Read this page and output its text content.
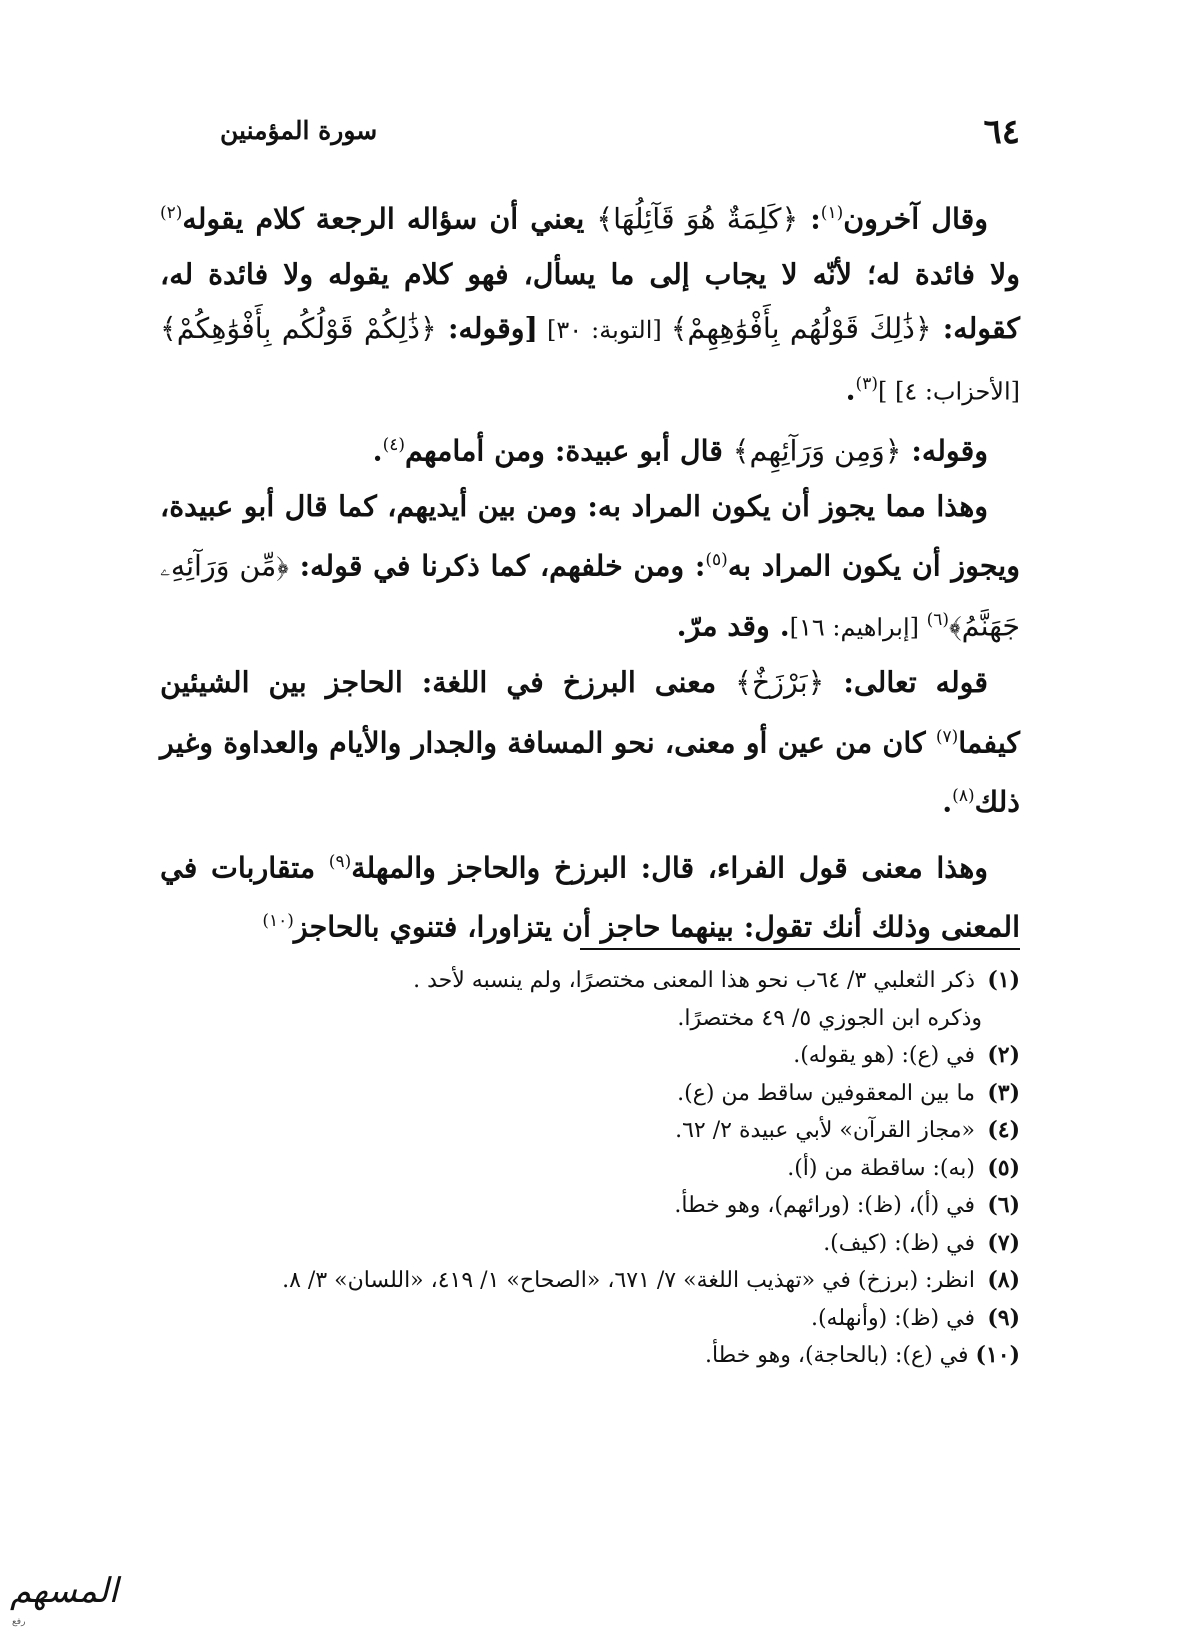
٦٤
سورة المؤمنين

وقال آخرون$^{(١)}$: ﴿كَلِمَةٌ هُوَ قَآئِلُهَا﴾ يعني أن سؤاله الرجعة كلام يقوله$^{(٢)}$ ولا فائدة له؛ لأنّه لا يجاب إلى ما يسأل، فهو كلام يقوله ولا فائدة له، كقوله: ﴿ذَٰلِكَ قَوْلُهُم بِأَفْوَٰهِهِمْ﴾ [التوبة: ٣٠] [وقوله: ﴿ذَٰلِكُمْ قَوْلُكُم بِأَفْوَٰهِكُمْ﴾ [الأحزاب: ٤] ]$^{(٣)}$.

وقوله: ﴿وَمِن وَرَآئِهِم﴾ قال أبو عبيدة: ومن أمامهم$^{(٤)}$.

وهذا مما يجوز أن يكون المراد به: ومن بين أيديهم، كما قال أبو عبيدة، ويجوز أن يكون المراد به$^{(٥)}$: ومن خلفهم، كما ذكرنا في قوله: ﴿مِّن وَرَآئِهِۦ جَهَنَّمُ﴾$^{(٦)}$ [إبراهيم: ١٦]. وقد مرّ.

قوله تعالى: ﴿بَرْزَخٌ﴾ معنى البرزخ في اللغة: الحاجز بين الشيئين كيفما$^{(٧)}$ كان من عين أو معنى، نحو المسافة والجدار والأيام والعداوة وغير ذلك$^{(٨)}$.

وهذا معنى قول الفراء، قال: البرزخ والحاجز والمهلة$^{(٩)}$ متقاربات في المعنى وذلك أنك تقول: بينهما حاجز أن يتزاورا، فتنوي بالحاجز$^{(١٠)}$

(١) ذكر الثعلبي ٣/ ٦٤ب نحو هذا المعنى مختصرًا، ولم ينسبه لأحد .
وذكره ابن الجوزي ٥/ ٤٩ مختصرًا.
(٢) في (ع): (هو يقوله).
(٣) ما بين المعقوفين ساقط من (ع).
(٤) «مجاز القرآن» لأبي عبيدة ٢/ ٦٢.
(٥) (به): ساقطة من (أ).
(٦) في (أ)، (ظ): (ورائهم)، وهو خطأ.
(٧) في (ظ): (كيف).
(٨) انظر: (برزخ) في «تهذيب اللغة» ٧/ ٦٧١، «الصحاح» ١/ ٤١٩، «اللسان» ٣/ ٨.
(٩) في (ظ): (وأنهله).
(١٠) في (ع): (بالحاجة)، وهو خطأ.
المسهم
رفع
